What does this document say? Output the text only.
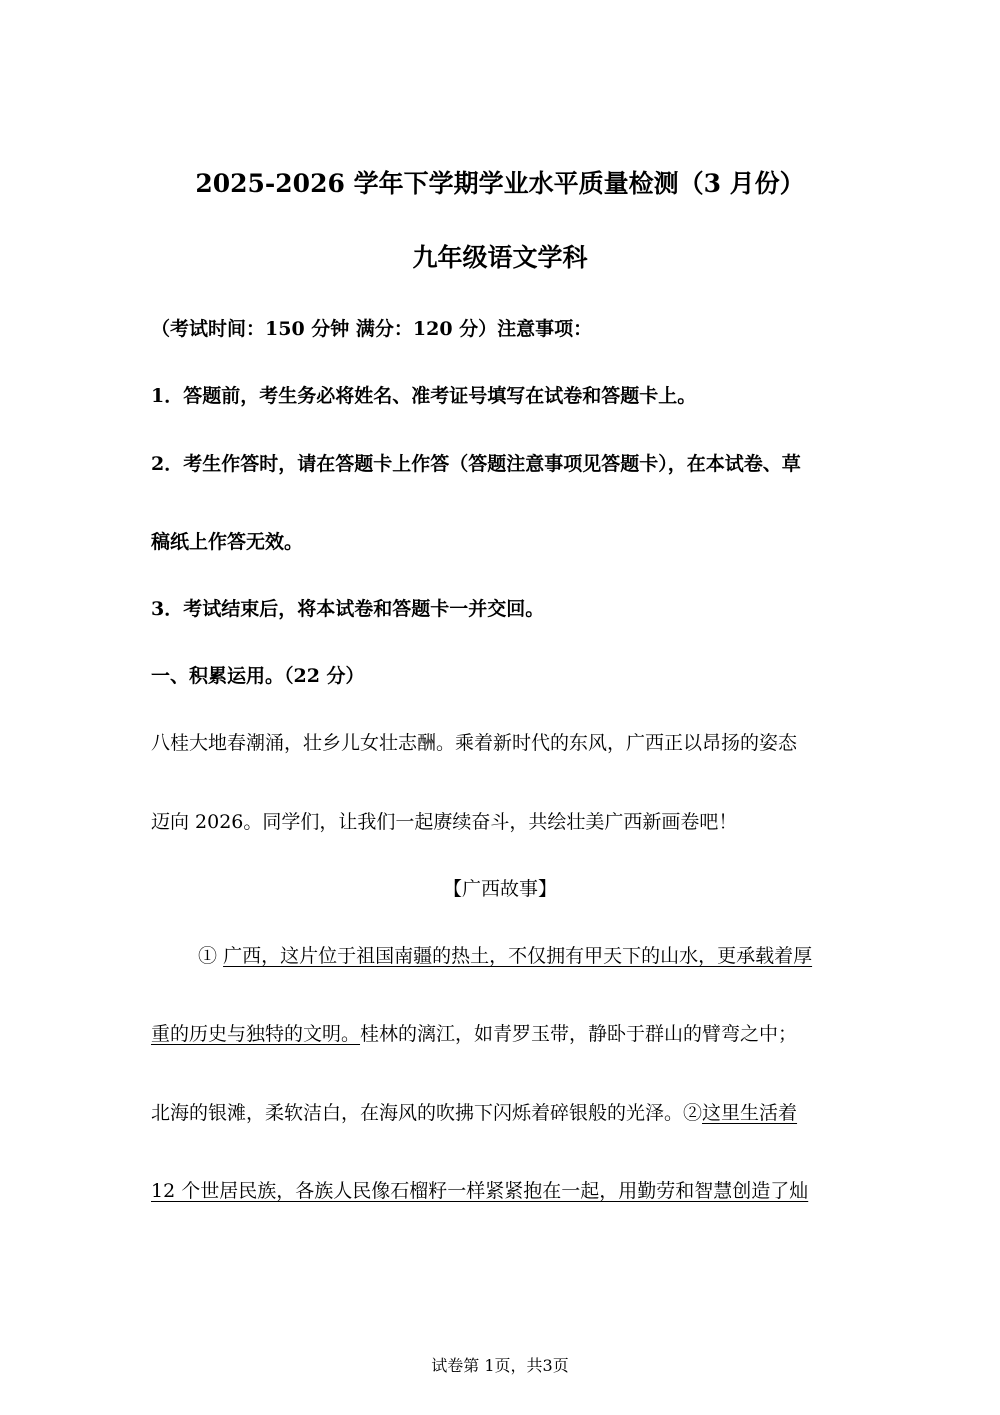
2025-2026 学年下学期学业水平质量检测（3 月份）
九年级语文学科
（考试时间：150 分钟 满分：120 分）注意事项：
1．答题前，考生务必将姓名、准考证号填写在试卷和答题卡上。
2．考生作答时，请在答题卡上作答（答题注意事项见答题卡），在本试卷、草
稿纸上作答无效。
3．考试结束后，将本试卷和答题卡一并交回。
一、积累运用。（22 分）
八桂大地春潮涌，壮乡儿女壮志酬。乘着新时代的东风，广西正以昂扬的姿态
迈向 2026。同学们，让我们一起赓续奋斗，共绘壮美广西新画卷吧！
【广西故事】
① 广西，这片位于祖国南疆的热土，不仅拥有甲天下的山水，更承载着厚
重的历史与独特的文明。桂林的漓江，如青罗玉带，静卧于群山的臂弯之中；
北海的银滩，柔软洁白，在海风的吹拂下闪烁着碎银般的光泽。②这里生活着
12 个世居民族，各族人民像石榴籽一样紧紧抱在一起，用勤劳和智慧创造了灿
试卷第 1页，共3页
